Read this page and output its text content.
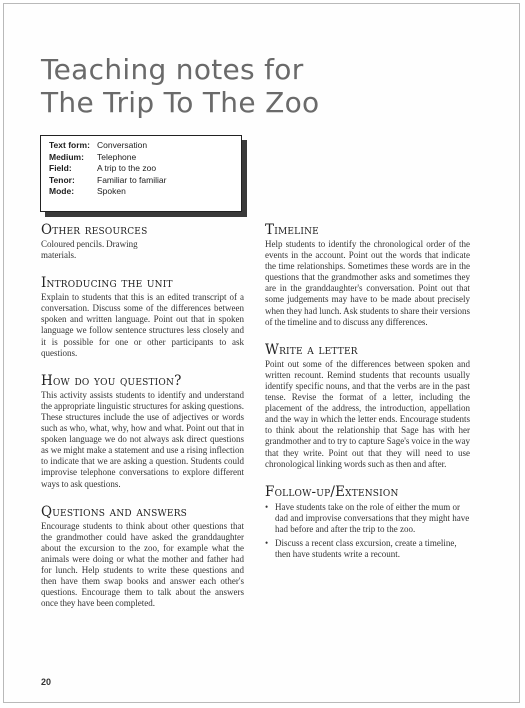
Teaching notes for
The Trip To The Zoo
Text form: Conversation
Medium:	Telephone
Field:	A trip to the zoo
Tenor:	Familiar to familiar
Mode:	Spoken
Other resources

Coloured pencils. Drawing materials.

Introducing the unit

Explain to students that this is an edited transcript of a conversation. Discuss some of the differences between spoken and written language. Point out that in spoken language we follow sentence structures less closely and it is possible for one or other participants to ask questions.

How do you question?

This activity assists students to identify and understand the appropriate linguistic structures for asking questions. These structures include the use of adjectives or words such as who, what, why, how and what. Point out that in spoken language we do not always ask direct questions as we might make a statement and use a rising inflection to indicate that we are asking a question. Students could improvise telephone conversations to explore different ways to ask questions.

Questions and answers

Encourage students to think about other questions that the grandmother could have asked the granddaughter about the excursion to the zoo, for example what the animals were doing or what the mother and father had for lunch. Help students to write these questions and then have them swap books and answer each other's questions. Encourage them to talk about the answers once they have been completed.

Timeline

Help students to identify the chronological order of the events in the account. Point out the words that indicate the time relationships. Sometimes these words are in the questions that the grandmother asks and sometimes they are in the granddaughter's conversation. Point out that some judgements may have to be made about precisely when they had lunch. Ask students to share their versions of the timeline and to discuss any differences.

Write a letter

Point out some of the differences between spoken and written recount. Remind students that recounts usually identify specific nouns, and that the verbs are in the past tense. Revise the format of a letter, including the placement of the address, the introduction, appellation and the way in which the letter ends. Encourage students to think about the relationship that Sage has with her grandmother and to try to capture Sage's voice in the way that they write. Point out that they will need to use chronological linking words such as then and after.

Follow-up/Extension
• Have students take on the role of either the mum or dad and improvise conversations that they might have had before and after the trip to the zoo.
• Discuss a recent class excursion, create a timeline, then have students write a recount.
20
